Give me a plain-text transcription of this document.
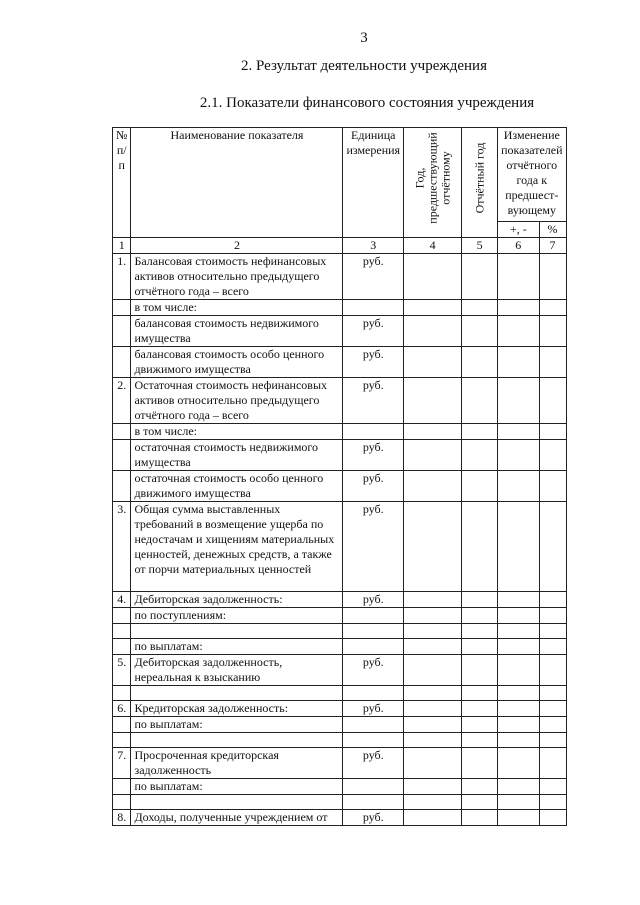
3
2. Результат деятельности учреждения
2.1. Показатели финансового состояния учреждения
№ п/п	Наименование показателя	Единица измерения	Год, предшествующий отчётному	Отчётный год	Изменение показателей отчётного года к предшест-вующему	
					+, -	%
1	2	3	4	5	6	7
1.	Балансовая стоимость нефинансовых активов относительно предыдущего отчётного года – всего	руб.				
	в том числе:					
	балансовая стоимость недвижимого имущества	руб.				
	балансовая стоимость особо ценного движимого имущества	руб.				
2.	Остаточная стоимость нефинансовых активов относительно предыдущего отчётного года – всего	руб.				
	в том числе:					
	остаточная стоимость недвижимого имущества	руб.				
	остаточная стоимость особо ценного движимого имущества	руб.				
3.	Общая сумма выставленных требований в возмещение ущерба по недостачам и хищениям материальных ценностей, денежных средств, а также от порчи материальных ценностей	руб.				
4.	Дебиторская задолженность:	руб.				
	по поступлениям:					

	по выплатам:					
5.	Дебиторская задолженность, нереальная к взысканию	руб.				

6.	Кредиторская задолженность:	руб.				
	по выплатам:					

7.	Просроченная кредиторская задолженность	руб.				
	по выплатам:					

8.	Доходы, полученные учреждением от	руб.				
